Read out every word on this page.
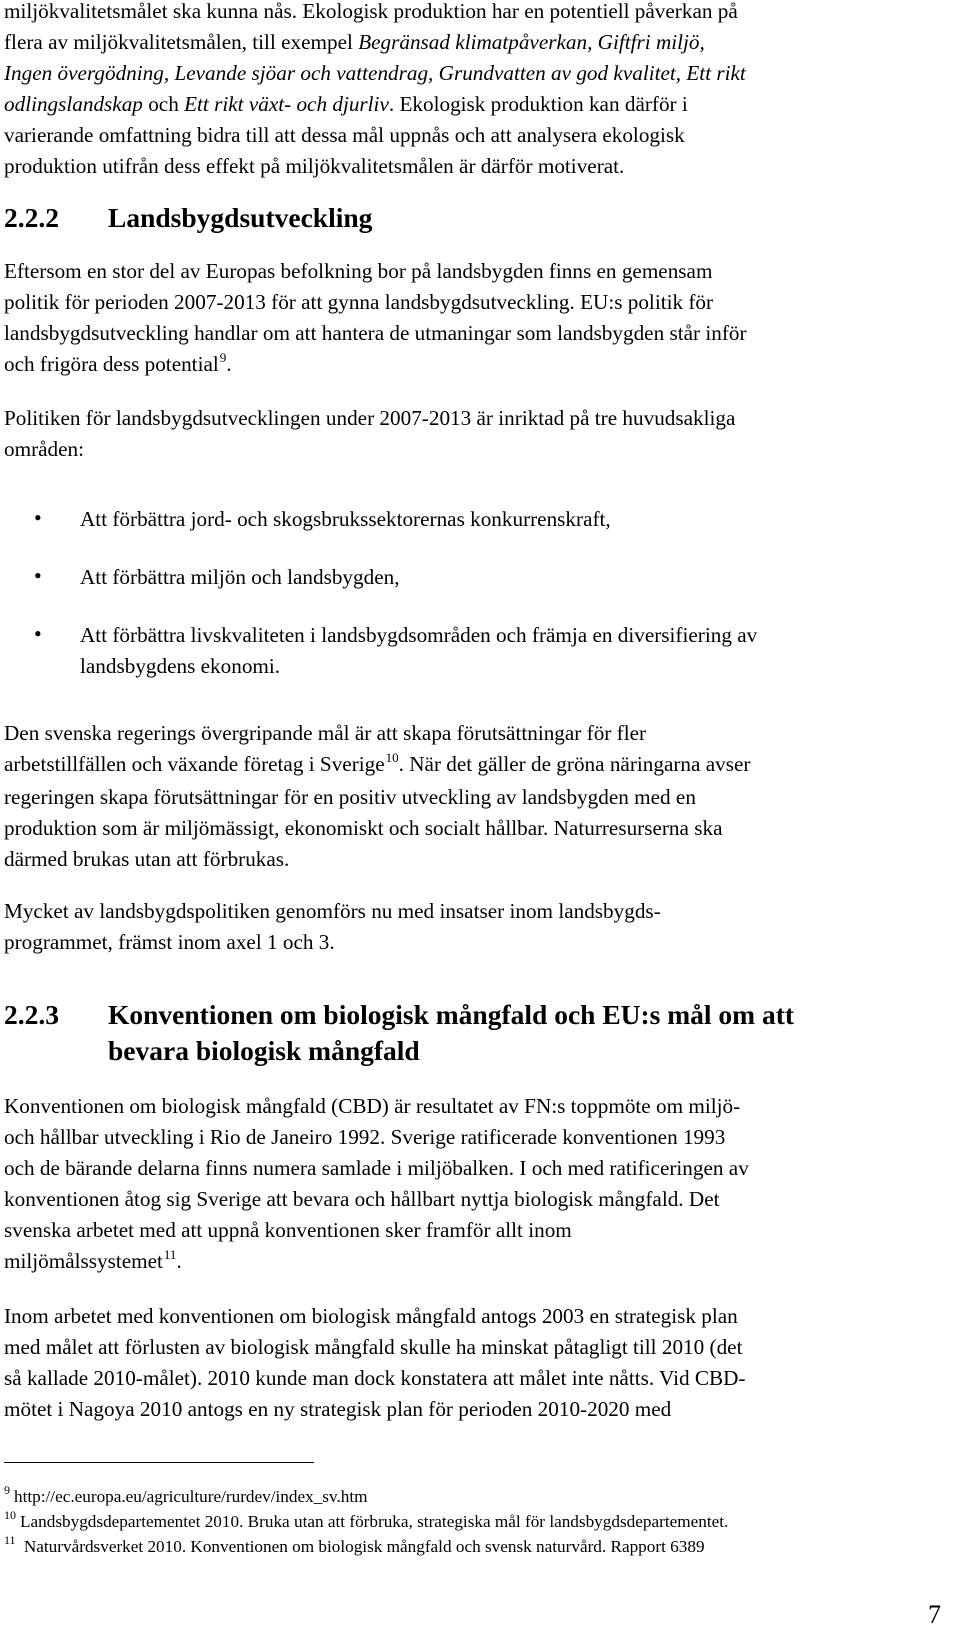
miljökvalitetsmålet ska kunna nås. Ekologisk produktion har en potentiell påverkan på
flera av miljökvalitetsmålen, till exempel Begränsad klimatpåverkan, Giftfri miljö,
Ingen övergödning, Levande sjöar och vattendrag, Grundvatten av god kvalitet, Ett rikt
odlingslandskap och Ett rikt växt- och djurliv. Ekologisk produktion kan därför i
varierande omfattning bidra till att dessa mål uppnås och att analysera ekologisk
produktion utifrån dess effekt på miljökvalitetsmålen är därför motiverat.
2.2.2 Landsbygdsutveckling
Eftersom en stor del av Europas befolkning bor på landsbygden finns en gemensam
politik för perioden 2007-2013 för att gynna landsbygdsutveckling. EU:s politik för
landsbygdsutveckling handlar om att hantera de utmaningar som landsbygden står inför
och frigöra dess potential$^9$.
Politiken för landsbygdsutvecklingen under 2007-2013 är inriktad på tre huvudsakliga
områden:
• Att förbättra jord- och skogsbrukssektorernas konkurrenskraft,
• Att förbättra miljön och landsbygden,
• Att förbättra livskvaliteten i landsbygdsområden och främja en diversifiering av
landsbygdens ekonomi.
Den svenska regerings övergripande mål är att skapa förutsättningar för fler
arbetstillfällen och växande företag i Sverige$^{10}$. När det gäller de gröna näringarna avser
regeringen skapa förutsättningar för en positiv utveckling av landsbygden med en
produktion som är miljömässigt, ekonomiskt och socialt hållbar. Naturresurserna ska
därmed brukas utan att förbrukas.
Mycket av landsbygdspolitiken genomförs nu med insatser inom landsbygds-
programmet, främst inom axel 1 och 3.
2.2.3 Konventionen om biologisk mångfald och EU:s mål om att
bevara biologisk mångfald
Konventionen om biologisk mångfald (CBD) är resultatet av FN:s toppmöte om miljö-
och hållbar utveckling i Rio de Janeiro 1992. Sverige ratificerade konventionen 1993
och de bärande delarna finns numera samlade i miljöbalken. I och med ratificeringen av
konventionen åtog sig Sverige att bevara och hållbart nyttja biologisk mångfald. Det
svenska arbetet med att uppnå konventionen sker framför allt inom
miljömålssystemet$^{11}$.
Inom arbetet med konventionen om biologisk mångfald antogs 2003 en strategisk plan
med målet att förlusten av biologisk mångfald skulle ha minskat påtagligt till 2010 (det
så kallade 2010-målet). 2010 kunde man dock konstatera att målet inte nåtts. Vid CBD-
mötet i Nagoya 2010 antogs en ny strategisk plan för perioden 2010-2020 med
$^9$ http://ec.europa.eu/agriculture/rurdev/index_sv.htm
$^{10}$ Landsbygdsdepartementet 2010. Bruka utan att förbruka, strategiska mål för landsbygdsdepartementet.
$^{11}$ Naturvårdsverket 2010. Konventionen om biologisk mångfald och svensk naturvård. Rapport 6389
7
